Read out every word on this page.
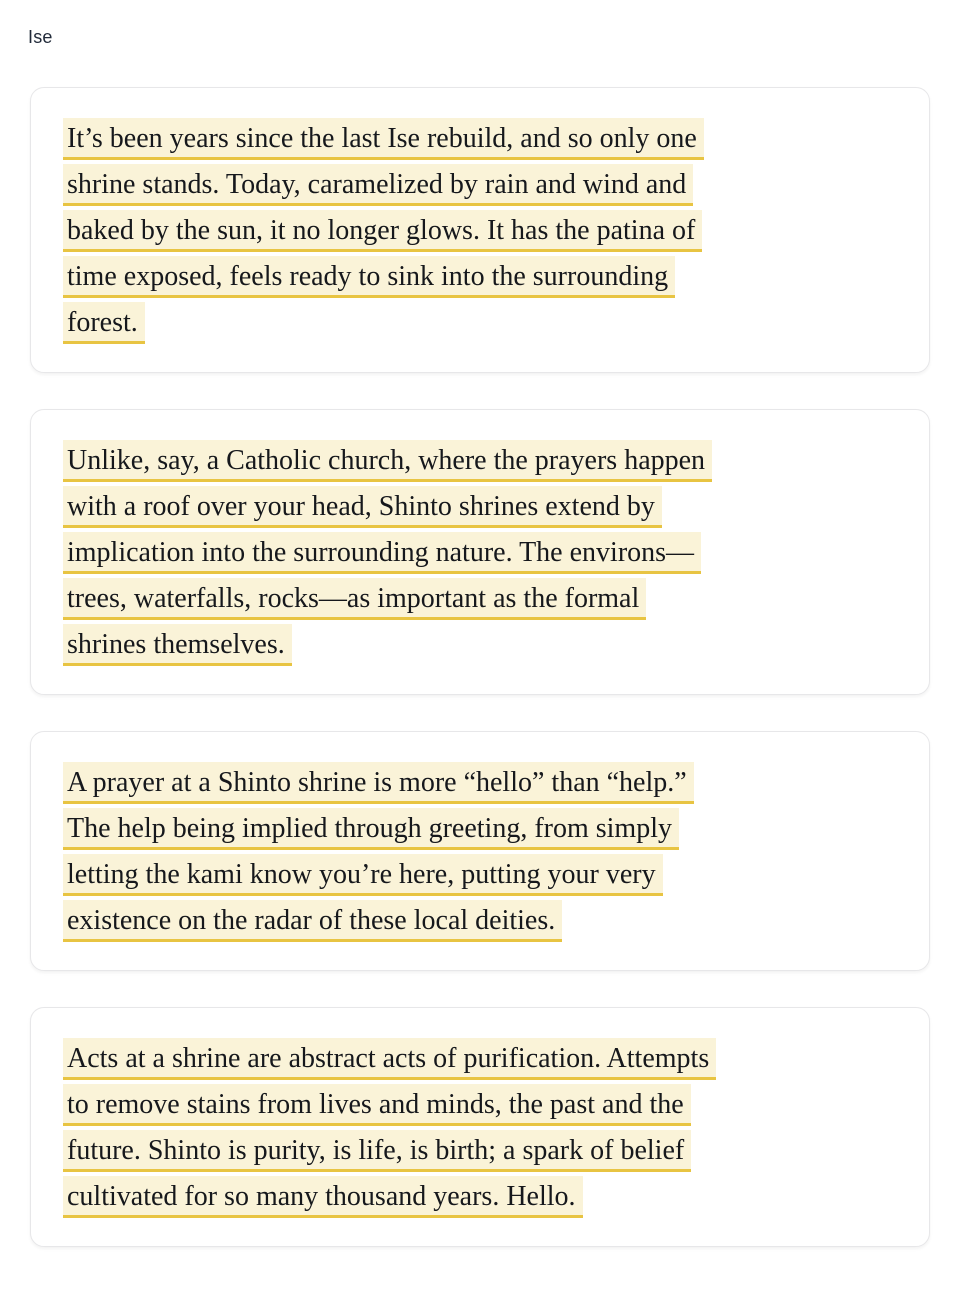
Ise
It’s been years since the last Ise rebuild, and so only one
shrine stands. Today, caramelized by rain and wind and
baked by the sun, it no longer glows. It has the patina of
time exposed, feels ready to sink into the surrounding
forest.
Unlike, say, a Catholic church, where the prayers happen
with a roof over your head, Shinto shrines extend by
implication into the surrounding nature. The environs—
trees, waterfalls, rocks—as important as the formal
shrines themselves.
A prayer at a Shinto shrine is more “hello” than “help.”
The help being implied through greeting, from simply
letting the kami know you’re here, putting your very
existence on the radar of these local deities.
Acts at a shrine are abstract acts of purification. Attempts
to remove stains from lives and minds, the past and the
future. Shinto is purity, is life, is birth; a spark of belief
cultivated for so many thousand years. Hello.
